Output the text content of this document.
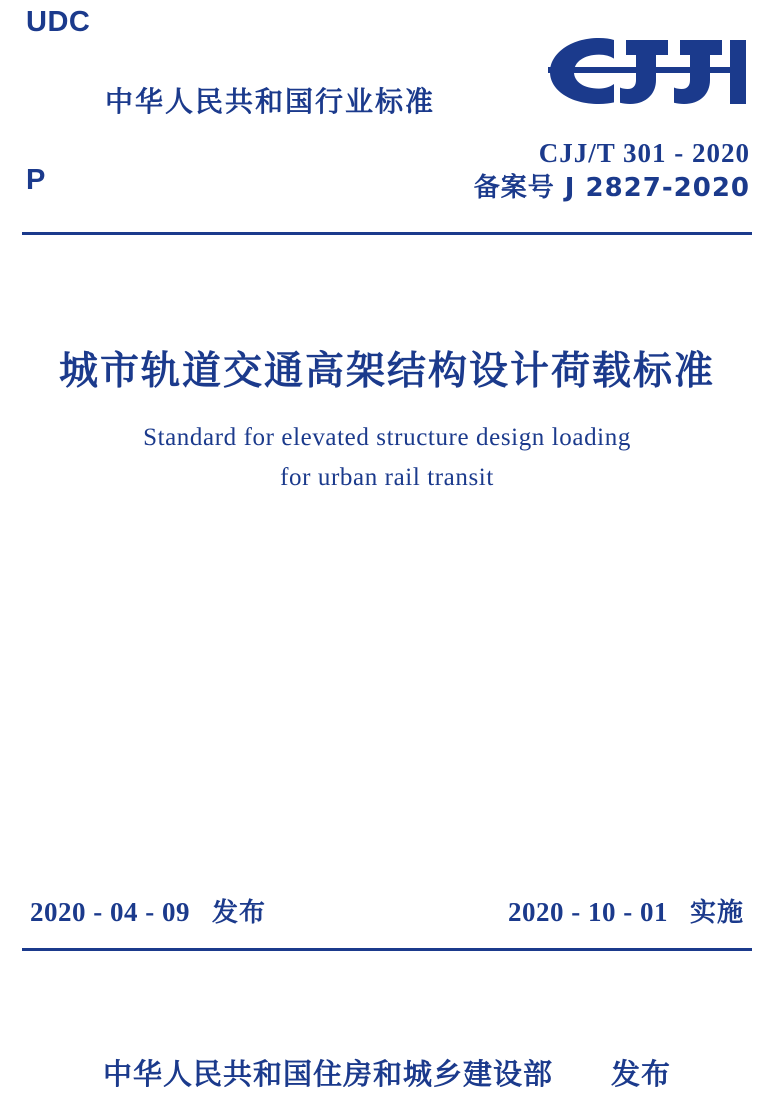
UDC
P
中华人民共和国行业标准
CJJ/T 301 - 2020
备案号 J 2827-2020
城市轨道交通高架结构设计荷载标准
Standard for elevated structure design loading
for urban rail transit
2020 - 04 - 09 发布	2020 - 10 - 01 实施
中华人民共和国住房和城乡建设部 发布
